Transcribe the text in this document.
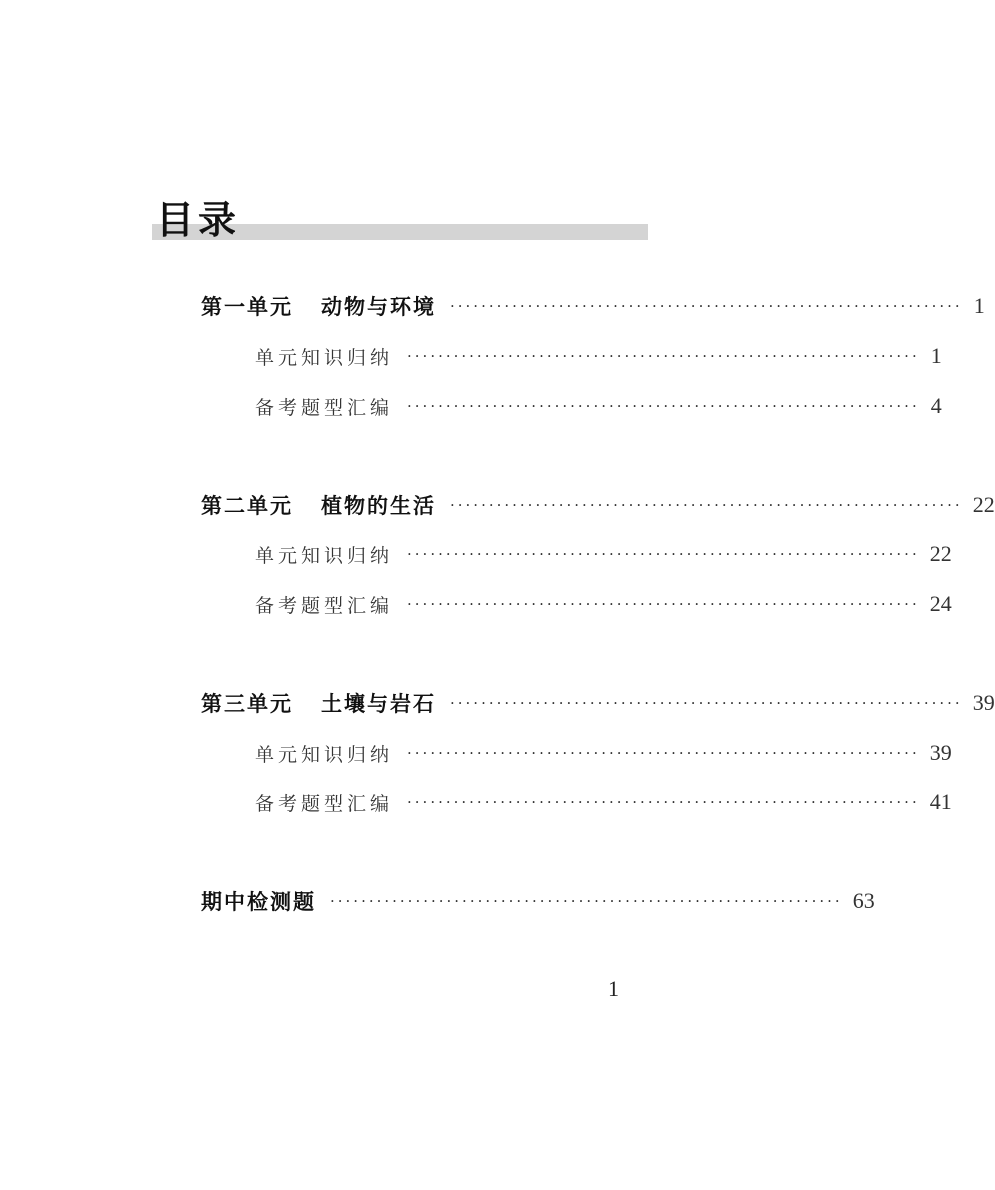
目录
第一单元 动物与环境 ·································································· 1
单元知识归纳 ·································································· 1
备考题型汇编 ·································································· 4
第二单元 植物的生活 ·································································· 22
单元知识归纳 ·································································· 22
备考题型汇编 ·································································· 24
第三单元 土壤与岩石 ·································································· 39
单元知识归纳 ·································································· 39
备考题型汇编 ·································································· 41
期中检测题 ·································································· 63
1
